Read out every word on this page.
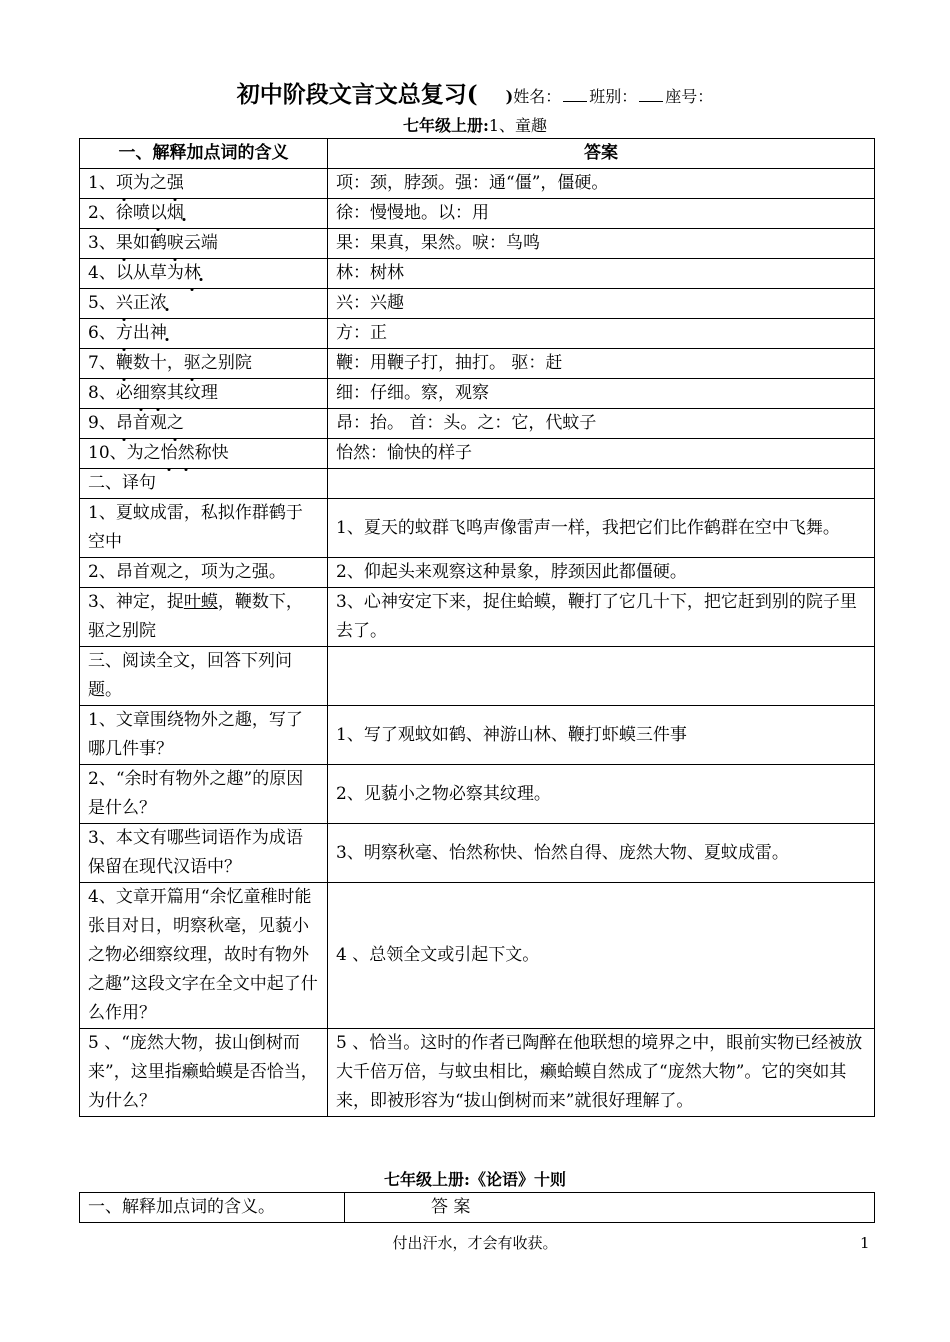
初中阶段文言文总复习( )姓名： 班别： 座号：
七年级上册:1、童趣
一、解释加点词的含义	答案
1、项为之强	项：颈，脖颈。强：通“僵”，僵硬。
2、徐喷以烟	徐：慢慢地。以：用
3、果如鹤唳云端	果：果真，果然。唳：鸟鸣
4、以从草为林	林：树林
5、兴正浓	兴：兴趣
6、方出神	方：正
7、鞭数十，驱之别院	鞭：用鞭子打，抽打。 驱：赶
8、必细察其纹理	细：仔细。察，观察
9、昂首观之	昂：抬。 首：头。之：它，代蚊子
10、为之怡然称快	怡然：愉快的样子
二、译句	
1、夏蚊成雷，私拟作群鹤于空中	1、夏天的蚊群飞鸣声像雷声一样，我把它们比作鹤群在空中飞舞。
2、昂首观之，项为之强。	2、仰起头来观察这种景象，脖颈因此都僵硬。
3、神定，捉叶蟆，鞭数下，驱之别院	3、心神安定下来，捉住蛤蟆，鞭打了它几十下，把它赶到别的院子里去了。
三、阅读全文，回答下列问题。	
1、文章围绕物外之趣，写了哪几件事？	1、写了观蚊如鹤、神游山林、鞭打虾蟆三件事
2、“余时有物外之趣”的原因是什么？	2、见藐小之物必察其纹理。
3、本文有哪些词语作为成语保留在现代汉语中？	3、明察秋毫、怡然称快、怡然自得、庞然大物、夏蚊成雷。
4、文章开篇用“余忆童稚时能张目对日，明察秋毫，见藐小之物必细察纹理，故时有物外之趣”这段文字在全文中起了什么作用？	4 、总领全文或引起下文。
5 、“庞然大物，拔山倒树而来”，这里指癞蛤蟆是否恰当，为什么？	5 、恰当。这时的作者已陶醉在他联想的境界之中，眼前实物已经被放大千倍万倍，与蚊虫相比，癞蛤蟆自然成了“庞然大物”。它的突如其来，即被形容为“拔山倒树而来”就很好理解了。
七年级上册:《论语》十则
一、解释加点词的含义。	答 案
付出汗水，才会有收获。	1
